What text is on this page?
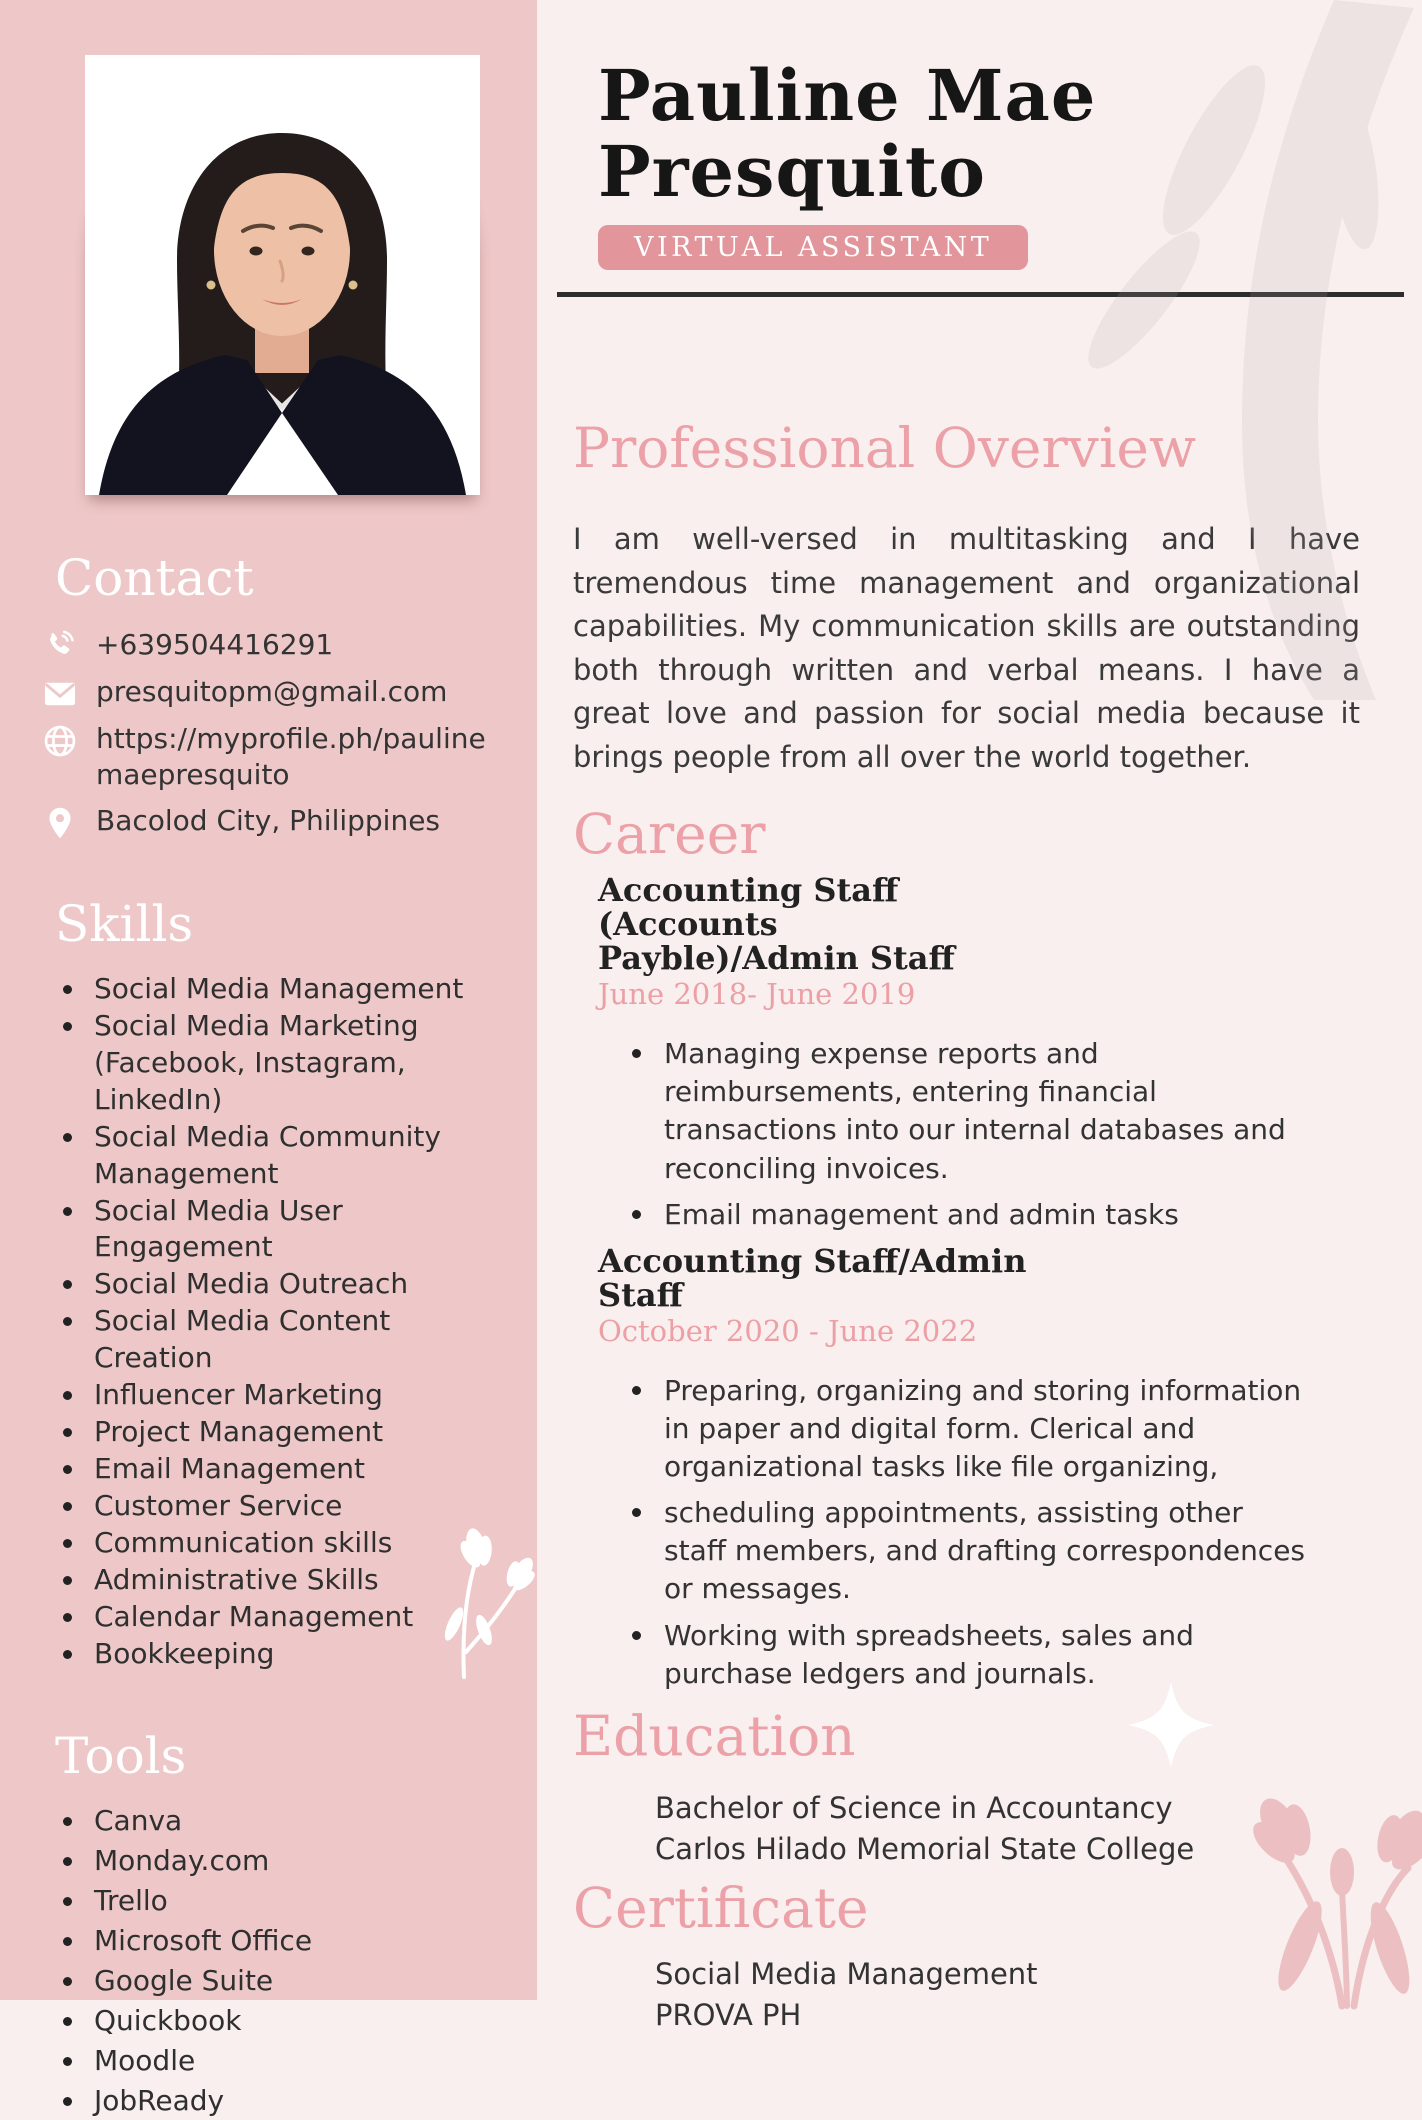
Contact
+639504416291
presquitopm@gmail.com
https://myprofile.ph/paulinemaepresquito
Bacolod City, Philippines
Skills
Social Media Management
Social Media Marketing (Facebook, Instagram, LinkedIn)
Social Media Community Management
Social Media User Engagement
Social Media Outreach
Social Media Content Creation
Influencer Marketing
Project Management
Email Management
Customer Service
Communication skills
Administrative Skills
Calendar Management
Bookkeeping
Tools
Canva
Monday.com
Trello
Microsoft Office
Google Suite
Quickbook
Moodle
JobReady
Pauline Mae
Presquito
VIRTUAL ASSISTANT
Professional Overview

I am well-versed in multitasking and I have tremendous time management and organizational capabilities. My communication skills are outstanding both through written and verbal means. I have a great love and passion for social media because it brings people from all over the world together.

Career
Accounting Staff (Accounts Payble)/Admin Staff
June 2018- June 2019
Managing expense reports and reimbursements, entering financial transactions into our internal databases and reconciling invoices.
Email management and admin tasks
Accounting Staff/Admin Staff
October 2020 - June 2022
Preparing, organizing and storing information in paper and digital form. Clerical and organizational tasks like file organizing,
scheduling appointments, assisting other staff members, and drafting correspondences or messages.
Working with spreadsheets, sales and purchase ledgers and journals.
Education
Bachelor of Science in Accountancy
Carlos Hilado Memorial State College
Certificate
Social Media Management
PROVA PH
